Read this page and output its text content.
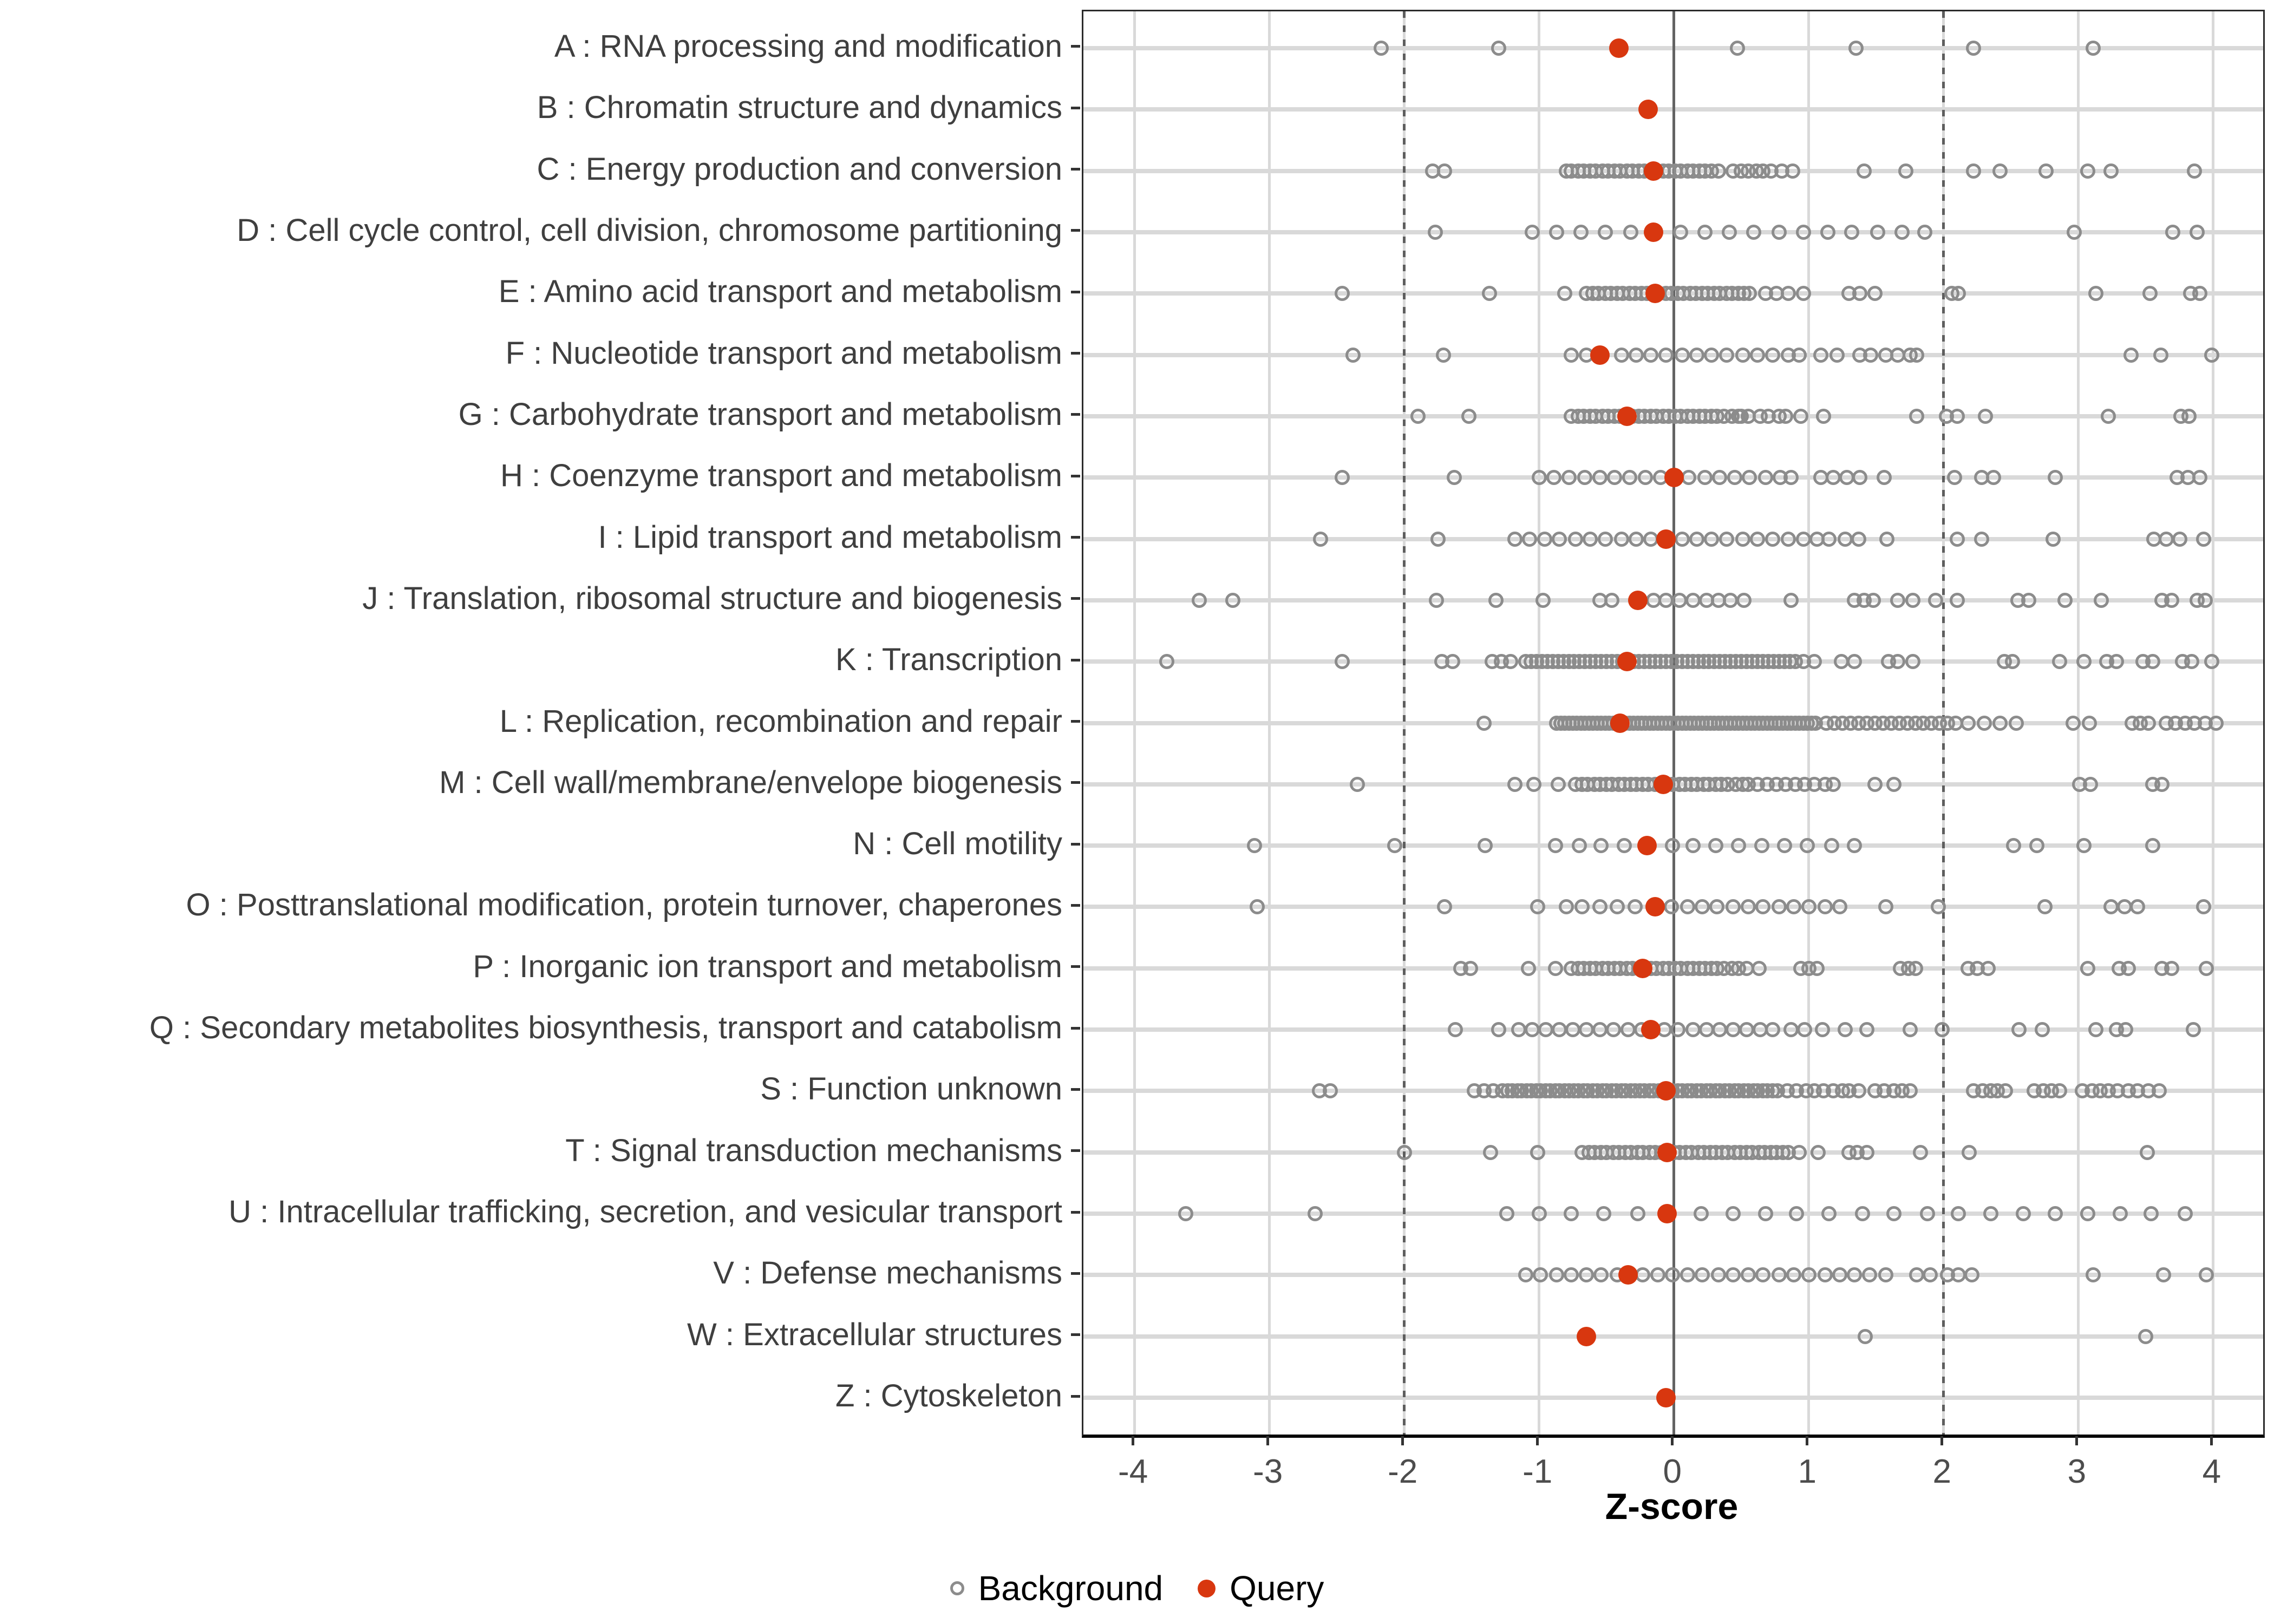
A : RNA processing and modification
B : Chromatin structure and dynamics
C : Energy production and conversion
D : Cell cycle control, cell division, chromosome partitioning
E : Amino acid transport and metabolism
F : Nucleotide transport and metabolism
G : Carbohydrate transport and metabolism
H : Coenzyme transport and metabolism
I : Lipid transport and metabolism
J : Translation, ribosomal structure and biogenesis
K : Transcription
L : Replication, recombination and repair
M : Cell wall/membrane/envelope biogenesis
N : Cell motility
O : Posttranslational modification, protein turnover, chaperones
P : Inorganic ion transport and metabolism
Q : Secondary metabolites biosynthesis, transport and catabolism
S : Function unknown
T : Signal transduction mechanisms
U : Intracellular trafficking, secretion, and vesicular transport
V : Defense mechanisms
W : Extracellular structures
Z : Cytoskeleton
-4	-3	-2	-1	0	1	2	3	4
Z-score
Background Query
